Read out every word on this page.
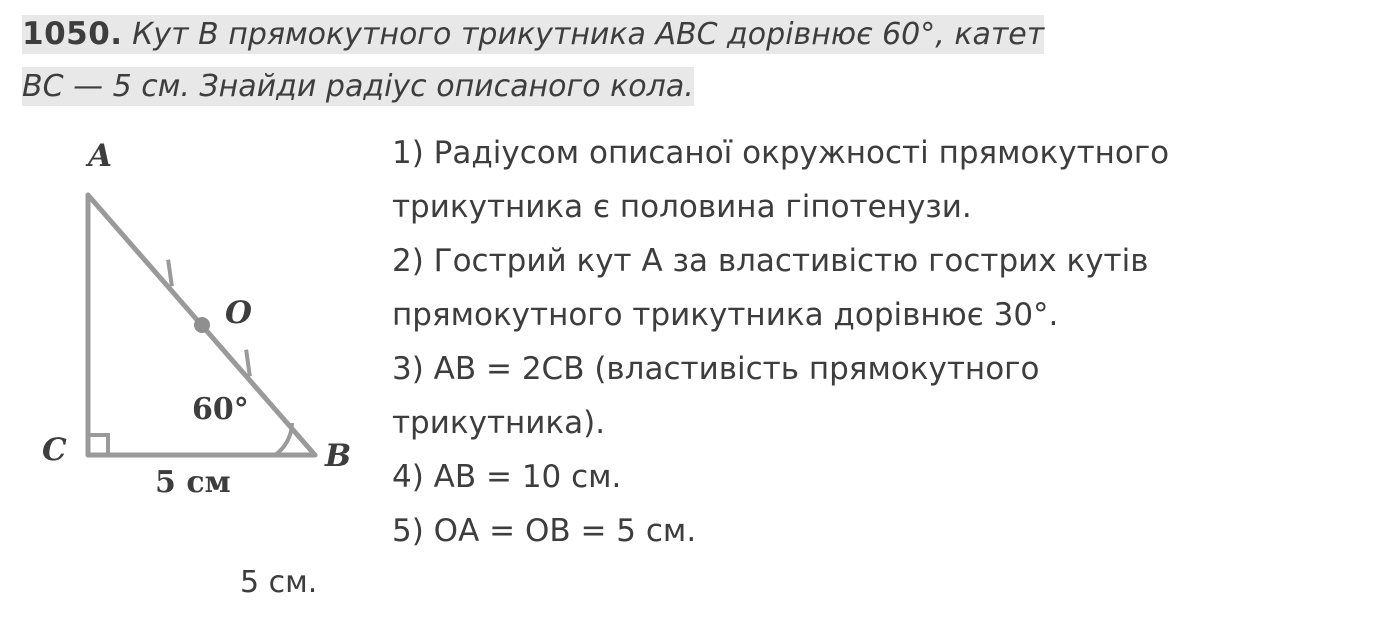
1050. Кут В прямокутного трикутника АВС дорівнює 60°, катет
ВС — 5 см. Знайди радіус описаного кола.
A
O
C	B
60°
5 см
5 см.
1) Радіусом описаної окружності прямокутного
трикутника є половина гіпотенузи.
2) Гострий кут А за властивістю гострих кутів
прямокутного трикутника дорівнює 30°.
3) АВ = 2СВ (властивість прямокутного
трикутника).
4) АВ = 10 см.
5) ОА = ОВ = 5 см.
